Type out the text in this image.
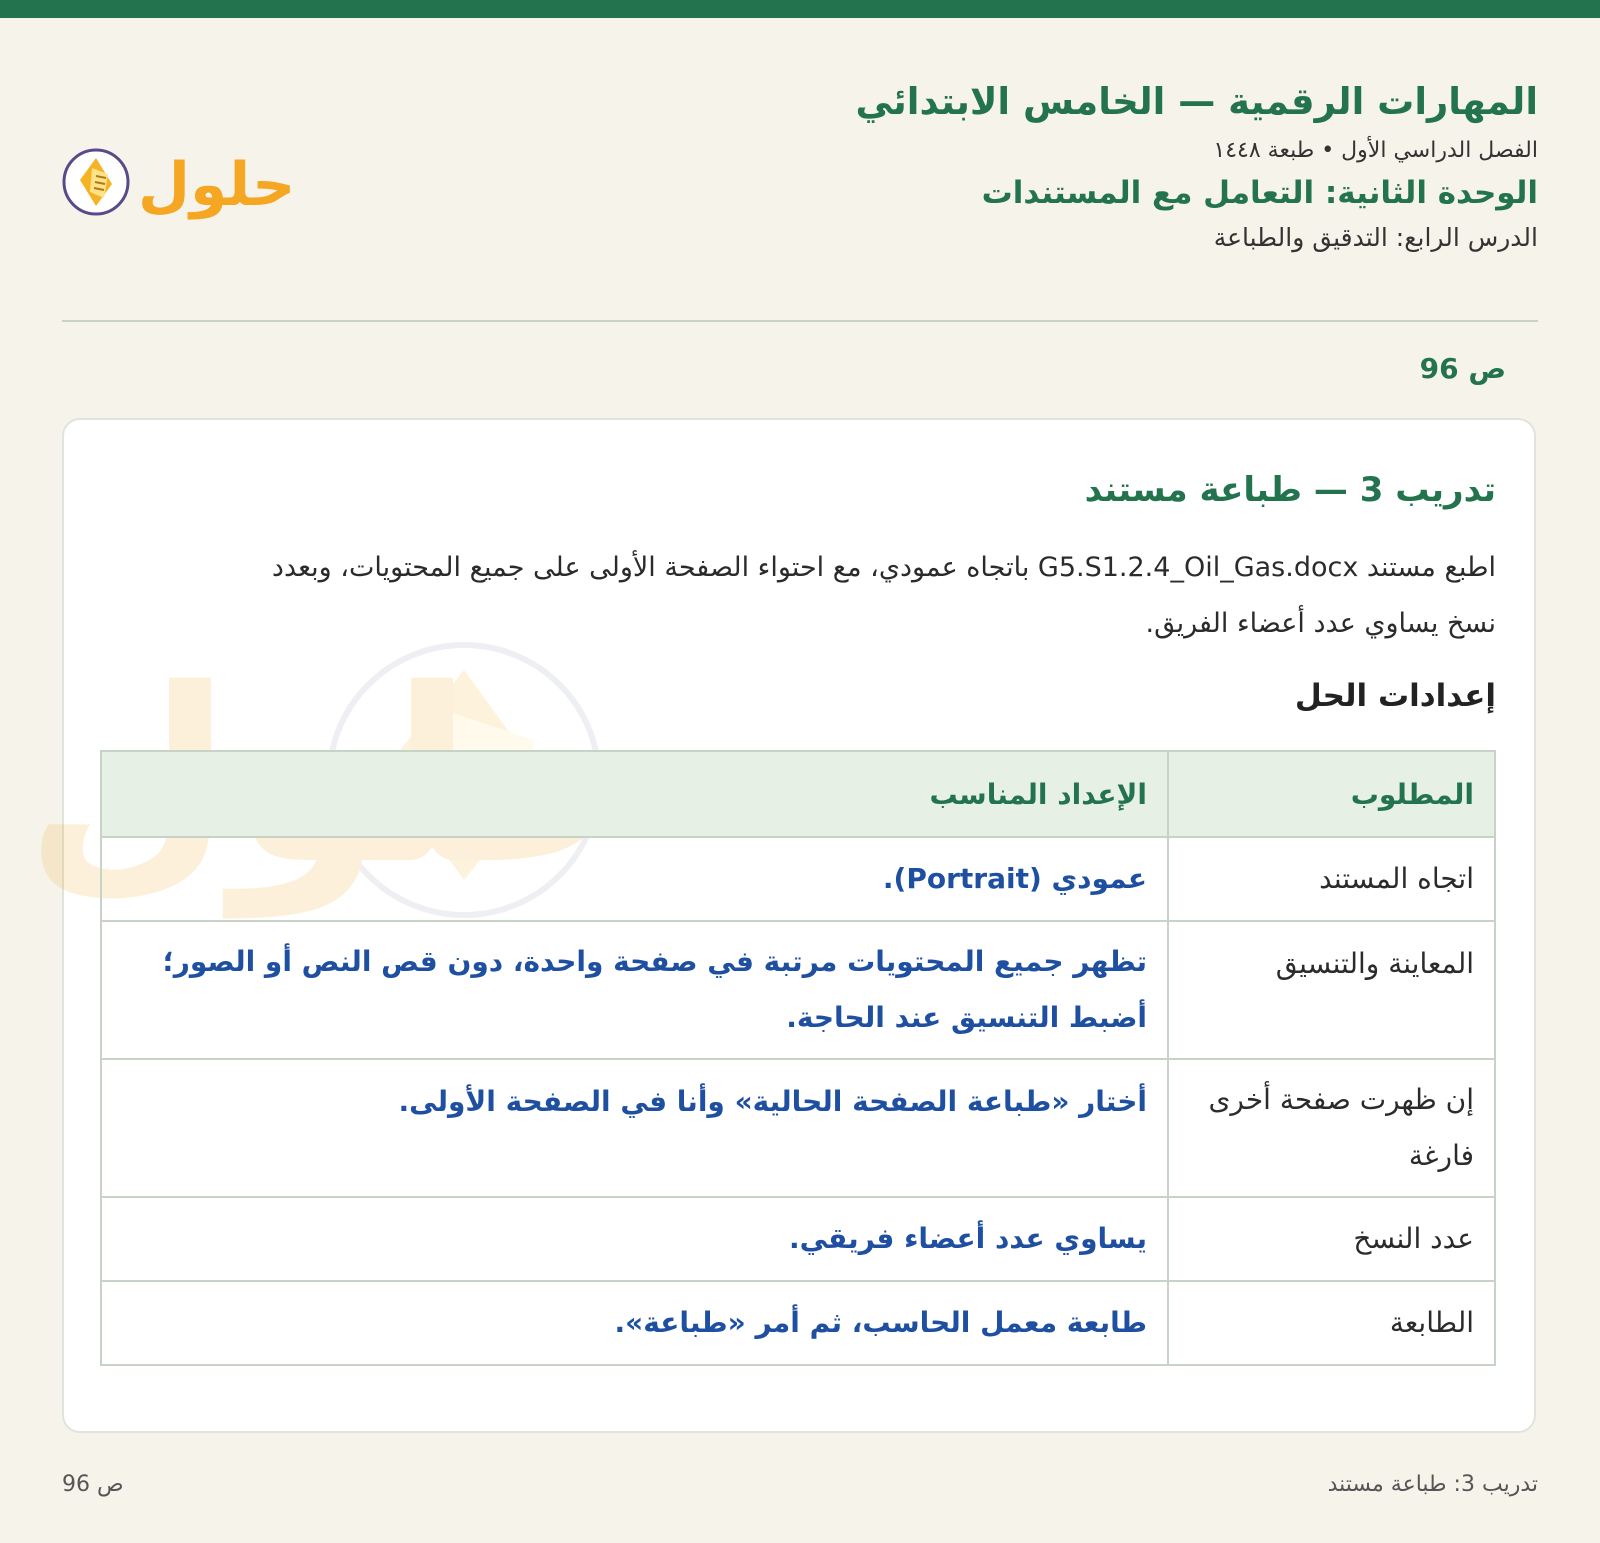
المهارات الرقمية — الخامس الابتدائي
الفصل الدراسي الأول • طبعة ١٤٤٨
الوحدة الثانية: التعامل مع المستندات
الدرس الرابع: التدقيق والطباعة
حلول
ص 96
تدريب 3 — طباعة مستند
اطبع مستند G5.S1.2.4_Oil_Gas.docx باتجاه عمودي، مع احتواء الصفحة الأولى على جميع المحتويات، وبعدد نسخ يساوي عدد أعضاء الفريق.
إعدادات الحل
المطلوب	الإعداد المناسب
اتجاه المستند	عمودي (Portrait).
المعاينة والتنسيق	تظهر جميع المحتويات مرتبة في صفحة واحدة، دون قص النص أو الصور؛ أضبط التنسيق عند الحاجة.
إن ظهرت صفحة أخرى فارغة	أختار «طباعة الصفحة الحالية» وأنا في الصفحة الأولى.
عدد النسخ	يساوي عدد أعضاء فريقي.
الطابعة	طابعة معمل الحاسب، ثم أمر «طباعة».
ص 96	تدريب 3: طباعة مستند
